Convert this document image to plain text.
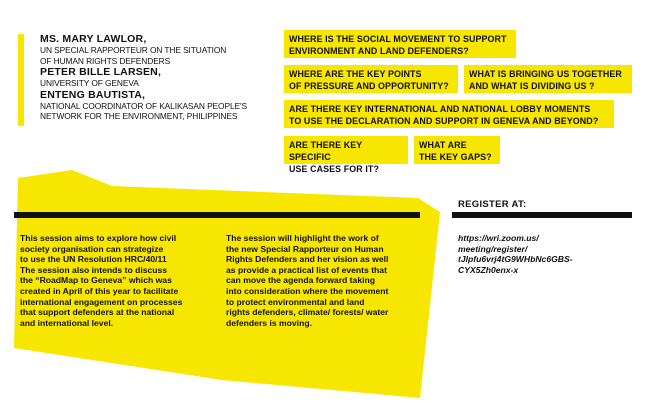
MS. MARY LAWLOR,
UN SPECIAL RAPPORTEUR ON THE SITUATION
OF HUMAN RIGHTS DEFENDERS
PETER BILLE LARSEN,
UNIVERSITY OF GENEVA
ENTENG BAUTISTA,
NATIONAL COORDINATOR OF KALIKASAN PEOPLE'S
NETWORK FOR THE ENVIRONMENT, PHILIPPINES
WHERE IS THE SOCIAL MOVEMENT TO SUPPORT
ENVIRONMENT AND LAND DEFENDERS?
WHERE ARE THE KEY POINTS
OF PRESSURE AND OPPORTUNITY?
WHAT IS BRINGING US TOGETHER
AND WHAT IS DIVIDING US ?
ARE THERE KEY INTERNATIONAL AND NATIONAL LOBBY MOMENTS
TO USE THE DECLARATION AND SUPPORT IN GENEVA AND BEYOND?
ARE THERE KEY SPECIFIC
USE CASES FOR IT?
WHAT ARE
THE KEY GAPS?
This session aims to explore how civil
society organisation can strategize
to use the UN Resolution HRC/40/11
The session also intends to discuss
the “RoadMap to Geneva” which was
created in April of this year to facilitate
international engagement on processes
that support defenders at the national
and international level.
The session will highlight the work of
the new Special Rapporteur on Human
Rights Defenders and her vision as well
as provide a practical list of events that
can move the agenda forward taking
into consideration where the movement
to protect environmental and land
rights defenders, climate/ forests/ water
defenders is moving.
REGISTER AT:
https://wri.zoom.us/
meeting/register/
tJlpfu6vrj4tG9WHbNc6GBS-
CYX5Zh0enx-x
